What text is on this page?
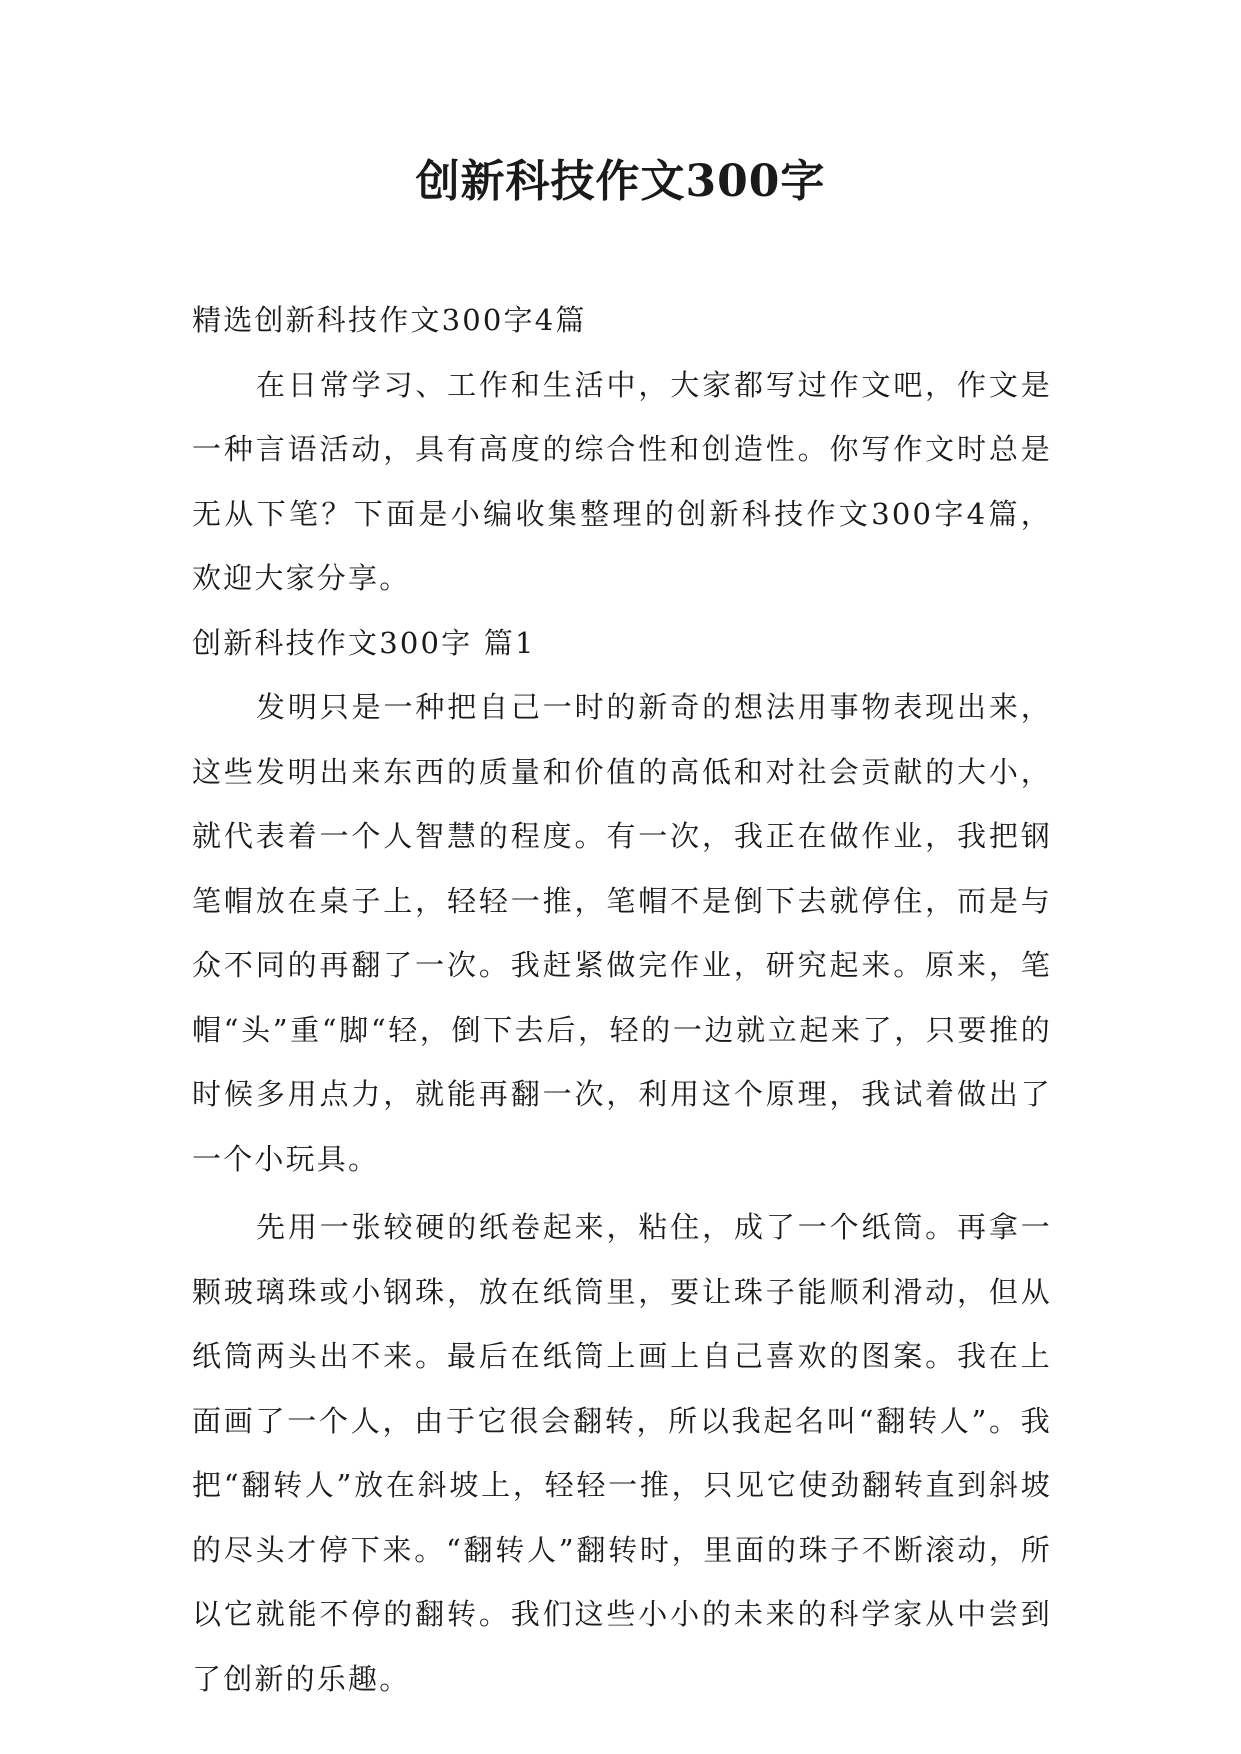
创新科技作文300字

精选创新科技作文300字4篇

在日常学习、工作和生活中，大家都写过作文吧，作文是一种言语活动，具有高度的综合性和创造性。你写作文时总是无从下笔？下面是小编收集整理的创新科技作文300字4篇，欢迎大家分享。

创新科技作文300字 篇1

发明只是一种把自己一时的新奇的想法用事物表现出来，这些发明出来东西的质量和价值的高低和对社会贡献的大小，就代表着一个人智慧的程度。有一次，我正在做作业，我把钢笔帽放在桌子上，轻轻一推，笔帽不是倒下去就停住，而是与众不同的再翻了一次。我赶紧做完作业，研究起来。原来，笔帽“头”重“脚“轻，倒下去后，轻的一边就立起来了，只要推的时候多用点力，就能再翻一次，利用这个原理，我试着做出了一个小玩具。

先用一张较硬的纸卷起来，粘住，成了一个纸筒。再拿一颗玻璃珠或小钢珠，放在纸筒里，要让珠子能顺利滑动，但从纸筒两头出不来。最后在纸筒上画上自己喜欢的图案。我在上面画了一个人，由于它很会翻转，所以我起名叫“翻转人”。我把“翻转人”放在斜坡上，轻轻一推，只见它使劲翻转直到斜坡的尽头才停下来。“翻转人”翻转时，里面的珠子不断滚动，所以它就能不停的翻转。我们这些小小的未来的科学家从中尝到了创新的乐趣。
